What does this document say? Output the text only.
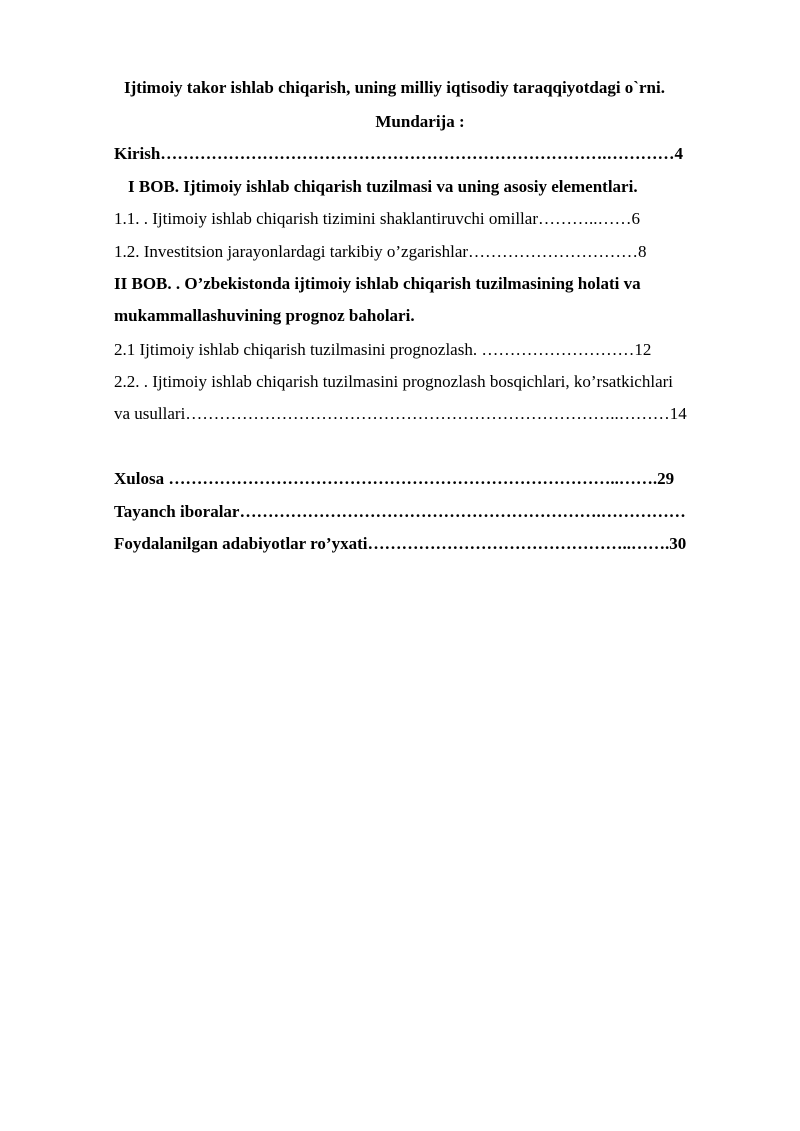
Ijtimoiy takor ishlab chiqarish, uning milliy iqtisodiy taraqqiyotdagi o`rni.
Mundarija :
Kirish…………………………………………………………………….…………4
I BOB. Ijtimoiy ishlab chiqarish tuzilmasi va uning asosiy elementlari.
1.1. . Ijtimoiy ishlab chiqarish tizimini shaklantiruvchi omillar………..……6
1.2. Investitsion jarayonlardagi tarkibiy o’zgarishlar…………………………8
II BOB. . O’zbekistonda ijtimoiy ishlab chiqarish tuzilmasining holati va
mukammallashuvining prognoz baholari.
2.1 Ijtimoiy ishlab chiqarish tuzilmasini prognozlash. ………………………12
2.2. . Ijtimoiy ishlab chiqarish tuzilmasini prognozlash bosqichlari, ko’rsatkichlari
va usullari…………………………………………………………………..………14
Xulosa ……………………………………………………………………..…….29
Tayanch iboralar……………………………………………………….……………
Foydalanilgan adabiyotlar ro’yxati………………………………………..…….30
